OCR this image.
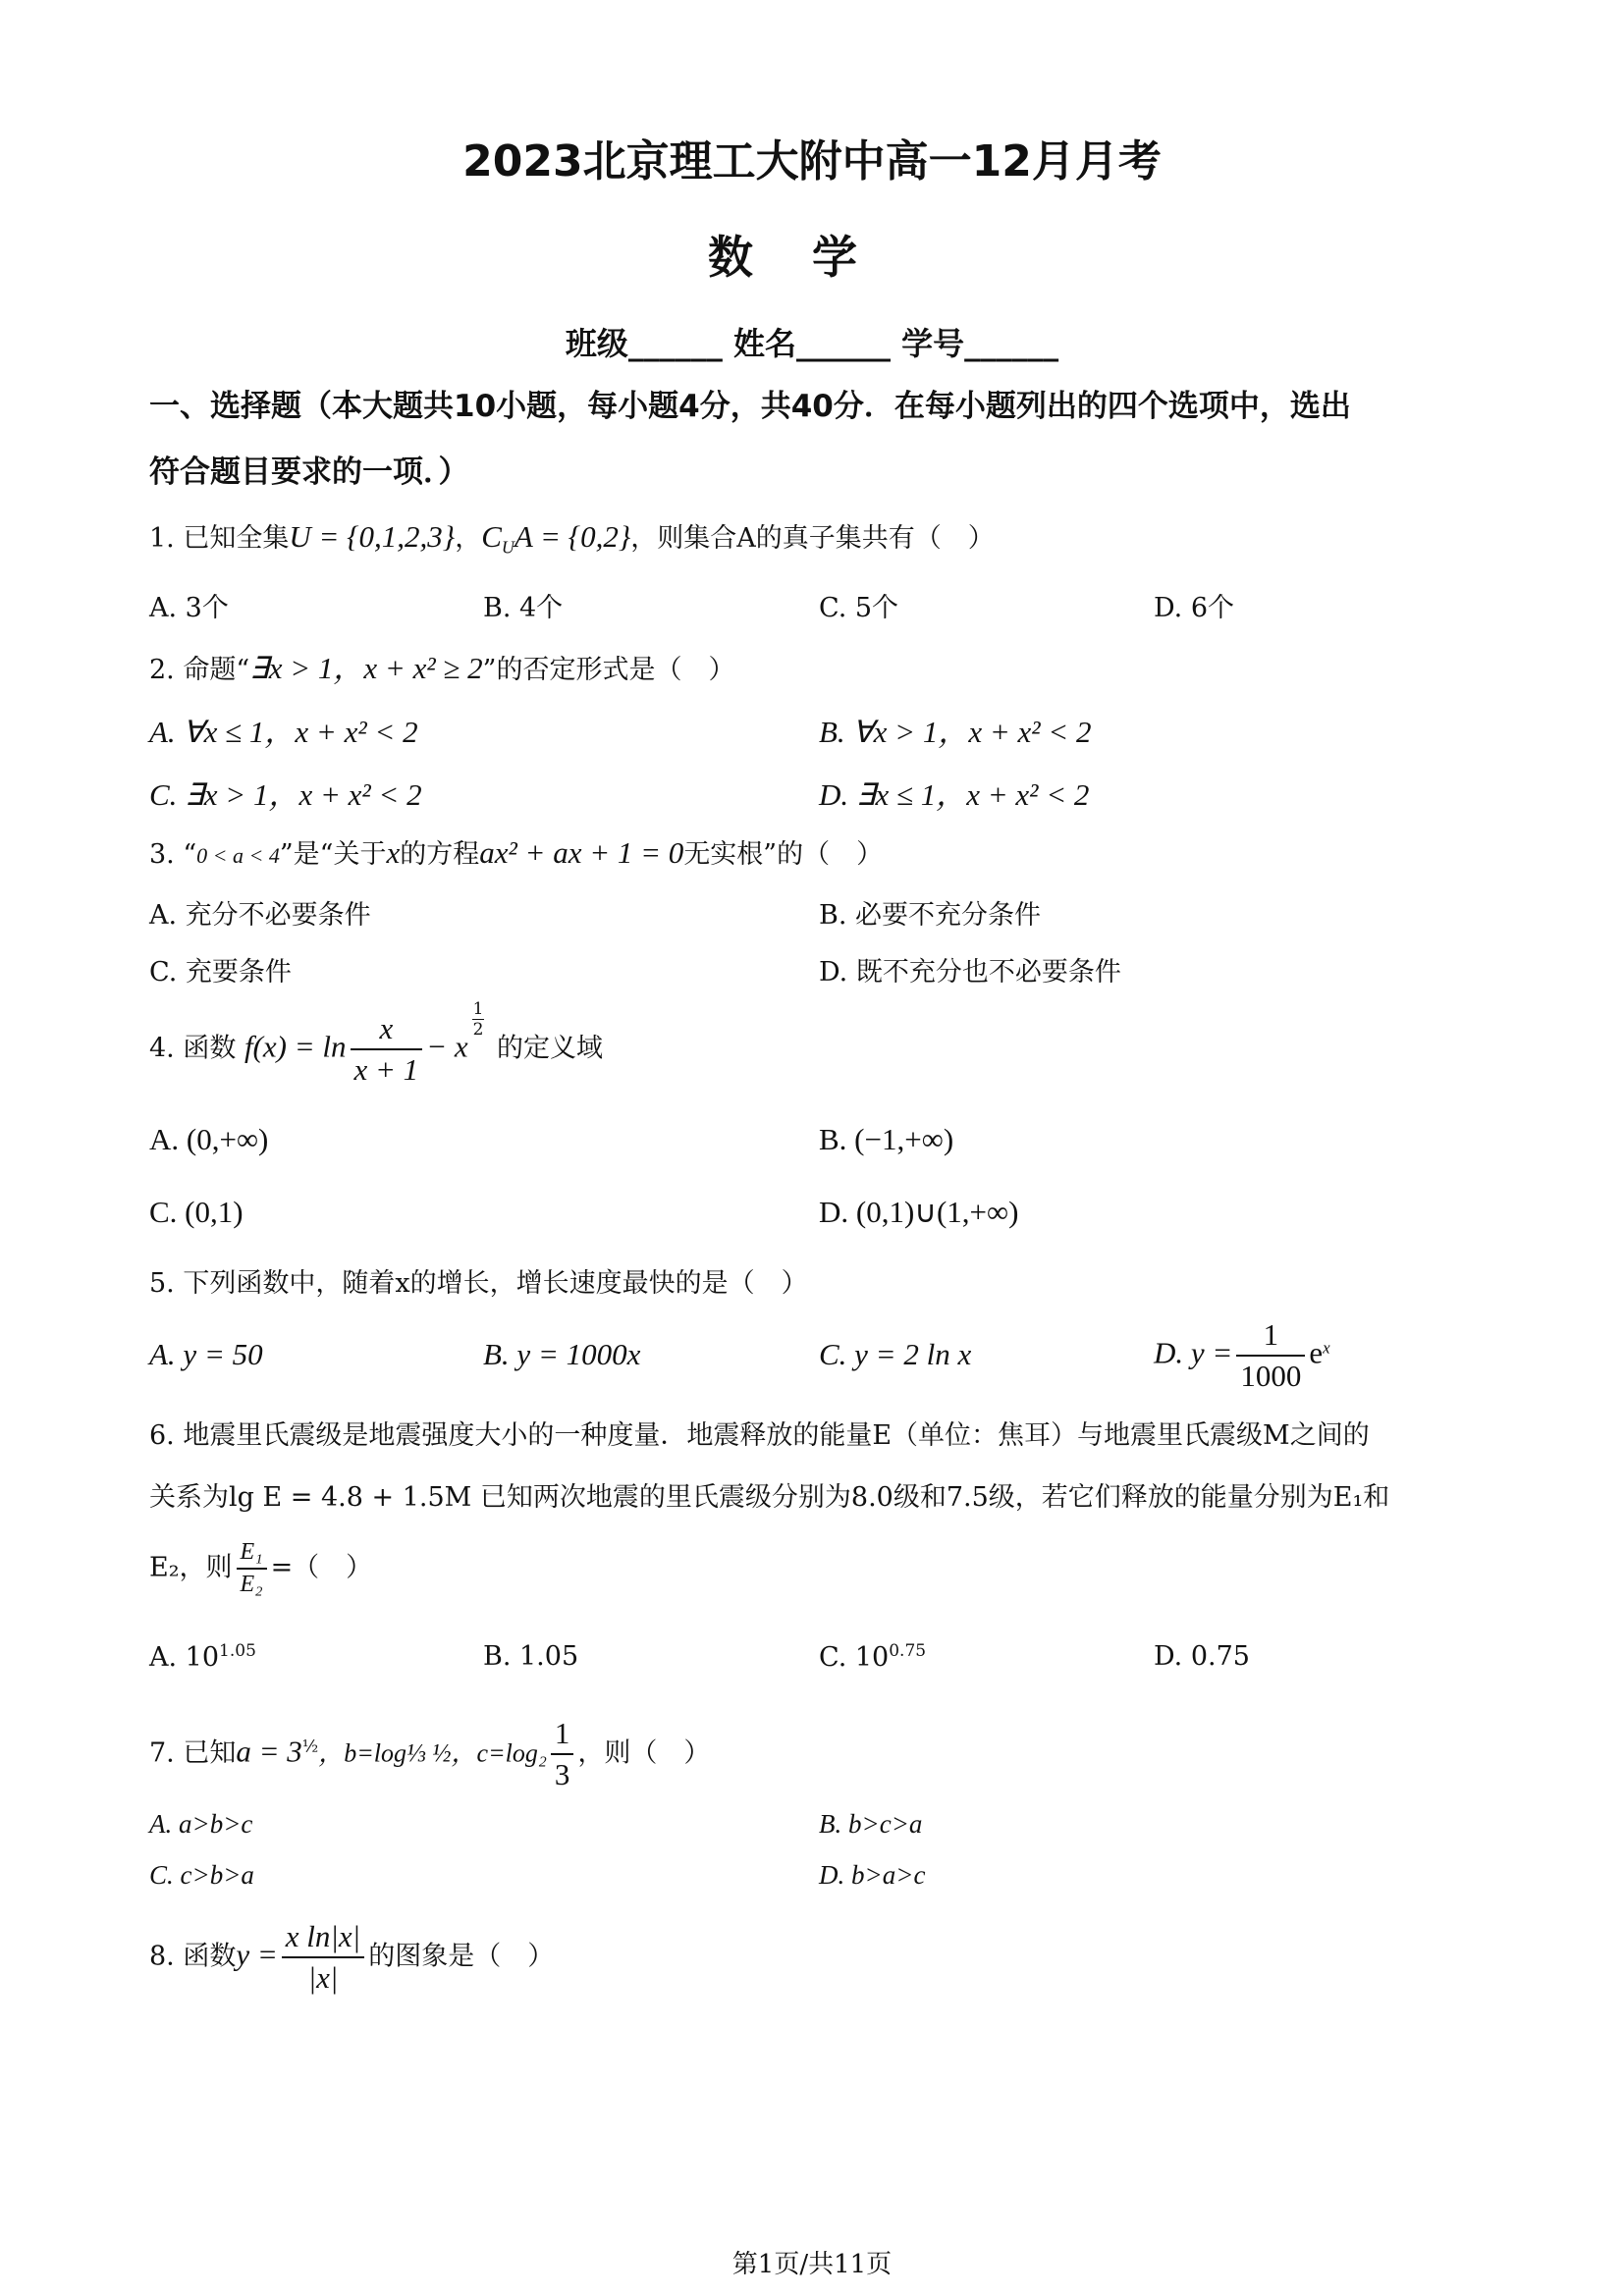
2023北京理工大附中高一12月月考
数学
班级______ 姓名______ 学号______
一、选择题（本大题共10小题，每小题4分，共40分．在每小题列出的四个选项中，选出
符合题目要求的一项．）
1. 已知全集U = {0,1,2,3}，$C_UA = \{0,2\}$，则集合A的真子集共有（　）
A. 3个	B. 4个	C. 5个	D. 6个
2. 命题“∃x > 1，x + x² ≥ 2”的否定形式是（　）
A. ∀x ≤ 1，x + x² < 2	B. ∀x > 1，x + x² < 2
C. ∃x > 1，x + x² < 2	D. ∃x ≤ 1，x + x² < 2
3. “0 < a < 4”是“关于x的方程ax² + ax + 1 = 0无实根”的（　）
A. 充分不必要条件	B. 必要不充分条件
C. 充要条件	D. 既不充分也不必要条件
4. 函数 $f(x) = \ln \frac{x}{x + 1} - x$
$\frac{1}{2}$
的定义域
A. (0,+∞)	B. (−1,+∞)
C. (0,1)	D. (0,1)∪(1,+∞)
5. 下列函数中，随着x的增长，增长速度最快的是（　）
A. y = 50	B. y = 1000x	C. y = 2 ln x	D. $y = \frac{1}{1000} e^x$
6. 地震里氏震级是地震强度大小的一种度量．地震释放的能量E（单位：焦耳）与地震里氏震级M之间的
关系为lg E = 4.8 + 1.5M 已知两次地震的里氏震级分别为8.0级和7.5级，若它们释放的能量分别为E₁和
E₂，则 $\frac{\text{E₁}}{\text{E₂}}$ =（　）
A. $10^{1.05}$	B. 1.05	C. $10^{0.75}$	D. 0.75
7. 已知$a = 3^{\frac{1}{2}}$，b=log⅓ ½，$c=\log_2 \frac{1}{3}$ ，则（　）
A. a>b>c	B. b>c>a
C. c>b>a	D. b>a>c
8. 函数$y = \frac{\text{x ln|x|}}{|x|}$ 的图象是（　）
第1页/共11页
